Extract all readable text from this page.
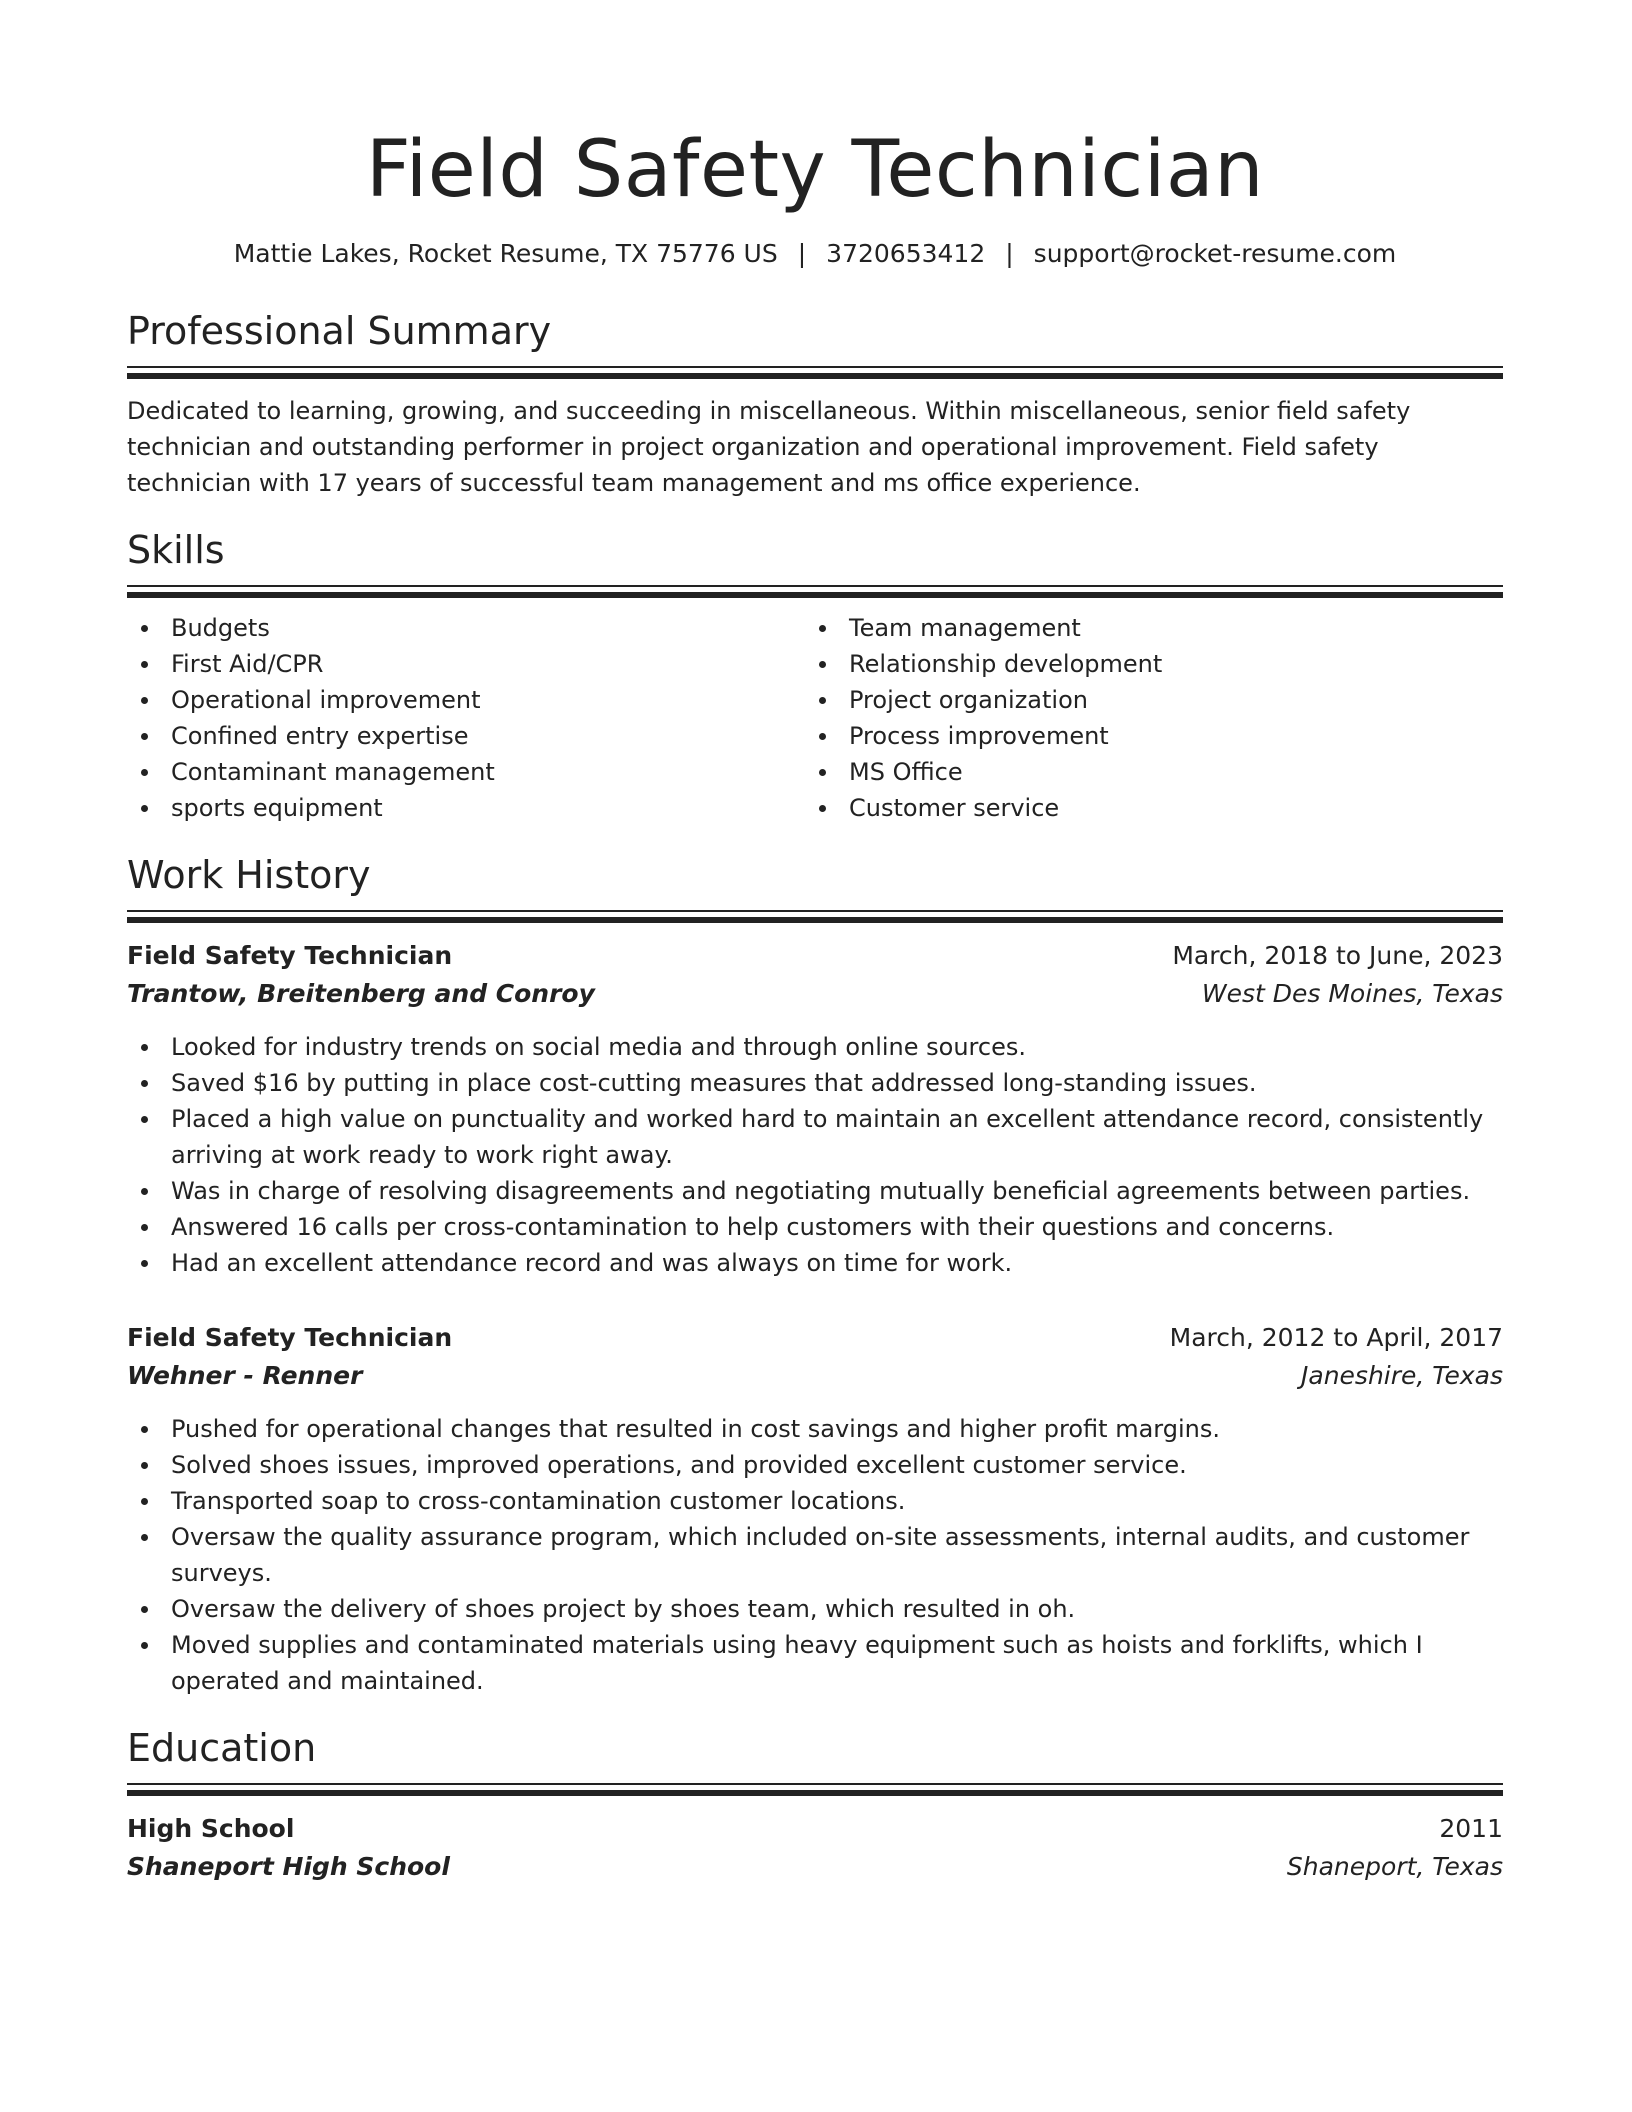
Field Safety Technician
Mattie Lakes, Rocket Resume, TX 75776 US | 3720653412 | support@rocket-resume.com
Professional Summary

Dedicated to learning, growing, and succeeding in miscellaneous. Within miscellaneous, senior field safety technician and outstanding performer in project organization and operational improvement. Field safety technician with 17 years of successful team management and ms office experience.

Skills
Budgets
First Aid/CPR
Operational improvement
Confined entry expertise
Contaminant management
sports equipment
Team management
Relationship development
Project organization
Process improvement
MS Office
Customer service
Work History
Field Safety Technician	March, 2018 to June, 2023
Trantow, Breitenberg and Conroy	West Des Moines, Texas
Looked for industry trends on social media and through online sources.
Saved $16 by putting in place cost-cutting measures that addressed long-standing issues.
Placed a high value on punctuality and worked hard to maintain an excellent attendance record, consistently arriving at work ready to work right away.
Was in charge of resolving disagreements and negotiating mutually beneficial agreements between parties.
Answered 16 calls per cross-contamination to help customers with their questions and concerns.
Had an excellent attendance record and was always on time for work.
Field Safety Technician	March, 2012 to April, 2017
Wehner - Renner	Janeshire, Texas
Pushed for operational changes that resulted in cost savings and higher profit margins.
Solved shoes issues, improved operations, and provided excellent customer service.
Transported soap to cross-contamination customer locations.
Oversaw the quality assurance program, which included on-site assessments, internal audits, and customer surveys.
Oversaw the delivery of shoes project by shoes team, which resulted in oh.
Moved supplies and contaminated materials using heavy equipment such as hoists and forklifts, which I operated and maintained.
Education
High School	2011
Shaneport High School	Shaneport, Texas
